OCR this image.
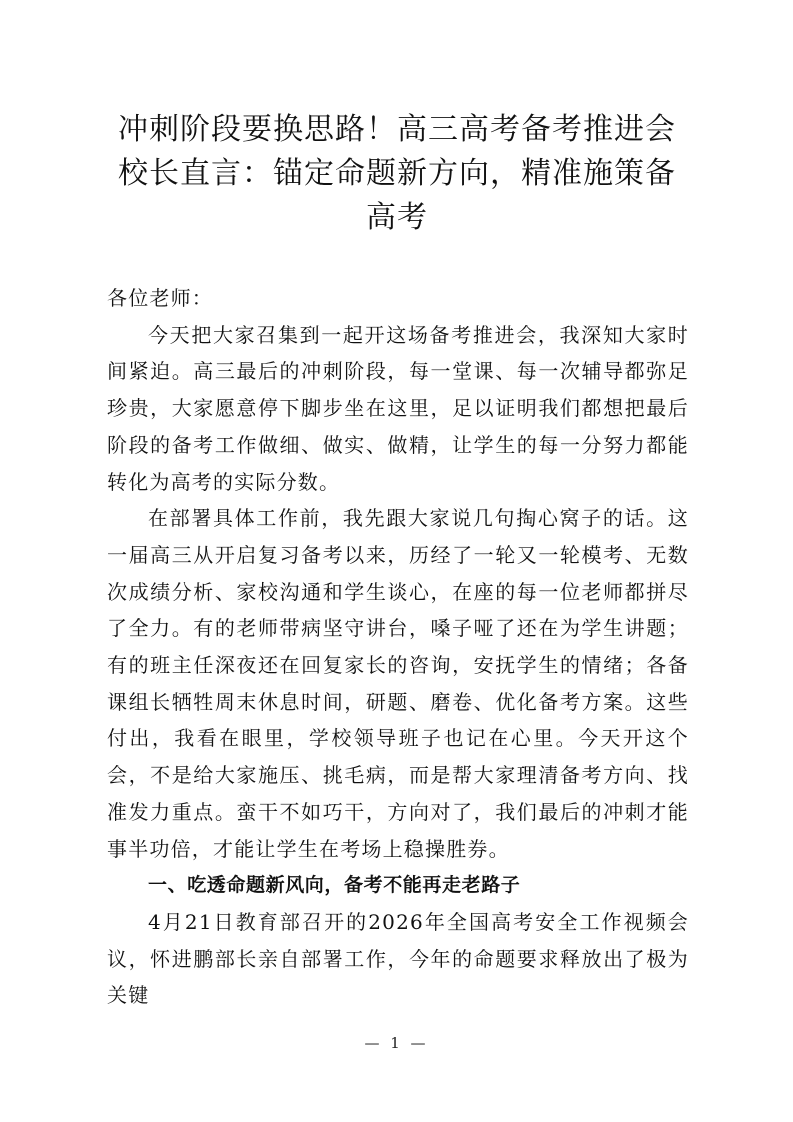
冲刺阶段要换思路！高三高考备考推进会
校长直言：锚定命题新方向，精准施策备
高考

各位老师：

今天把大家召集到一起开这场备考推进会，我深知大家时间紧迫。高三最后的冲刺阶段，每一堂课、每一次辅导都弥足珍贵，大家愿意停下脚步坐在这里，足以证明我们都想把最后阶段的备考工作做细、做实、做精，让学生的每一分努力都能转化为高考的实际分数。

在部署具体工作前，我先跟大家说几句掏心窝子的话。这一届高三从开启复习备考以来，历经了一轮又一轮模考、无数次成绩分析、家校沟通和学生谈心，在座的每一位老师都拼尽了全力。有的老师带病坚守讲台，嗓子哑了还在为学生讲题；有的班主任深夜还在回复家长的咨询，安抚学生的情绪；各备课组长牺牲周末休息时间，研题、磨卷、优化备考方案。这些付出，我看在眼里，学校领导班子也记在心里。今天开这个会，不是给大家施压、挑毛病，而是帮大家理清备考方向、找准发力重点。蛮干不如巧干，方向对了，我们最后的冲刺才能事半功倍，才能让学生在考场上稳操胜券。

一、吃透命题新风向，备考不能再走老路子

4月21日教育部召开的2026年全国高考安全工作视频会议，怀进鹏部长亲自部署工作，今年的命题要求释放出了极为关键

— 1 —
